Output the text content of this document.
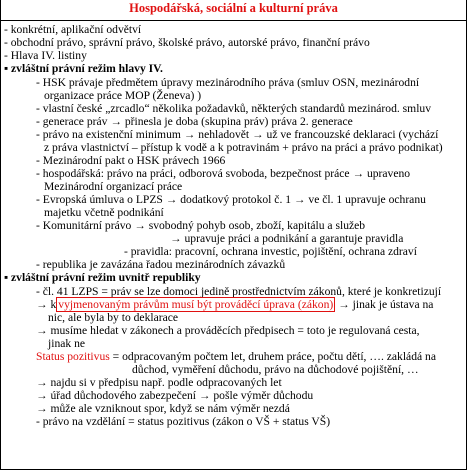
Hospodářská, sociální a kulturní práva
- konkrétní, aplikační odvětví
- obchodní právo, správní právo, školské právo, autorské právo, finanční právo
- Hlava IV. listiny
▪ zvláštní právní režim hlavy IV.
- HSK právaje předmětem úpravy mezinárodního práva (smluv OSN, mezinárodní
organizace práce MOP (Ženeva) )
- vlastní české „zrcadlo“ několika požadavků, některých standardů mezinárod. smluv
- generace práv → přinesla je doba (skupina práv) práva 2. generace
- právo na existenční minimum → nehladovět → už ve francouzské deklaraci (vychází
z práva vlastnictví – přístup k vodě a k potravinám + právo na práci a právo podnikat)
- Mezinárodní pakt o HSK právech 1966
- hospodářská: právo na práci, odborová svoboda, bezpečnost práce → upraveno
Mezinárodní organizací práce
- Evropská úmluva o LPZS → dodatkový protokol č. 1 → ve čl. 1 upravuje ochranu
majetku včetně podnikání
- Komunitární právo → svobodný pohyb osob, zboží, kapitálu a služeb
→ upravuje práci a podnikání a garantuje pravidla
- pravidla: pracovní, ochrana investic, pojištění, ochrana zdraví
- republika je zavázána řadou mezinárodních závazků
▪ zvláštní právní režim uvnitř republiky
- čl. 41 LZPS = práv se lze domoci jedině prostřednictvím zákonů, které je konkretizují
→ k vyjmenovaným právům musí být prováděcí úprava (zákon) → jinak je ústava na
nic, ale byla by to deklarace
→ musíme hledat v zákonech a prováděcích předpisech = toto je regulovaná cesta,
jinak ne
Status pozitivus = odpracovaným počtem let, druhem práce, počtu dětí, …. zakládá na
důchod, vyměření důchodu, právo na důchodové pojištění, …
→ najdu si v předpisu např. podle odpracovaných let
→ úřad důchodového zabezpečení → pošle výměr důchodu
→ může ale vzniknout spor, když se nám výměr nezdá
- právo na vzdělání = status pozitivus (zákon o VŠ + status VŠ)
